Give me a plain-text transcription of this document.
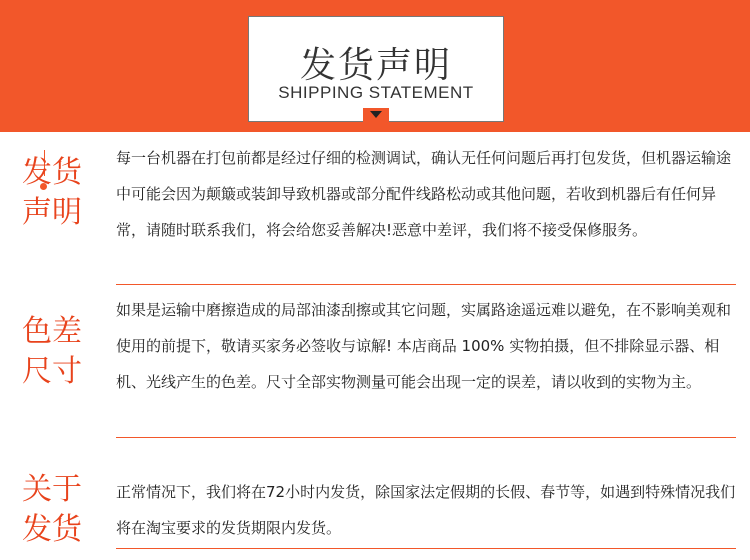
发货声明
SHIPPING STATEMENT
发货
声明
每一台机器在打包前都是经过仔细的检测调试，确认无任何问题后再打包发货，但机器运输途中可能会因为颠簸或装卸导致机器或部分配件线路松动或其他问题，若收到机器后有任何异常，请随时联系我们，将会给您妥善解决!恶意中差评，我们将不接受保修服务。
色差
尺寸
如果是运输中磨擦造成的局部油漆刮擦或其它问题，实属路途遥远难以避免，在不影响美观和使用的前提下，敬请买家务必签收与谅解! 本店商品 100% 实物拍摄，但不排除显示器、相机、光线产生的色差。尺寸全部实物测量可能会出现一定的误差，请以收到的实物为主。
关于
发货
正常情况下，我们将在72小时内发货，除国家法定假期的长假、春节等，如遇到特殊情况我们将在淘宝要求的发货期限内发货。
